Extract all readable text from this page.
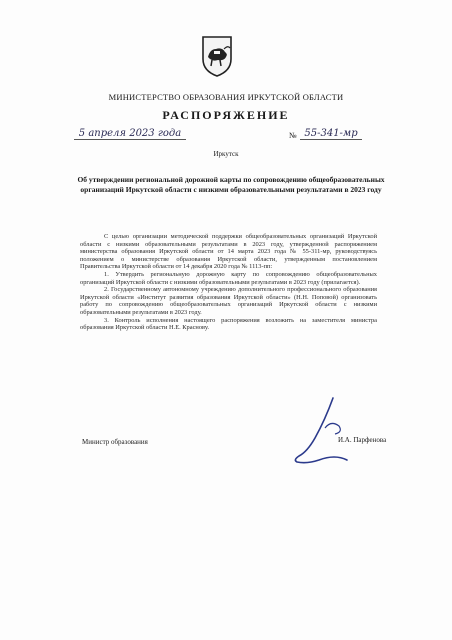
МИНИСТЕРСТВО ОБРАЗОВАНИЯ ИРКУТСКОЙ ОБЛАСТИ
РАСПОРЯЖЕНИЕ
5 апреля 2023 года	№ 55-341-мр
Иркутск
Об утверждении региональной дорожной карты по сопровождению общеобразовательных организаций Иркутской области с низкими образовательными результатами в 2023 году

С целью организации методической поддержки общеобразовательных организаций Иркутской области с низкими образовательными результатами в 2023 году, утвержденной распоряжением министерства образования Иркутской области от 14 марта 2023 года № 55-311-мр, руководствуясь положением о министерстве образования Иркутской области, утвержденным постановлением Правительства Иркутской области от 14 декабря 2020 года № 1113-пп:

1. Утвердить региональную дорожную карту по сопровождению общеобразовательных организаций Иркутской области с низкими образовательными результатами в 2023 году (прилагается).

2. Государственному автономному учреждению дополнительного профессионального образования Иркутской области «Институт развития образования Иркутской области» (Н.Н. Поповой) организовать работу по сопровождению общеобразовательных организаций Иркутской области с низкими образовательными результатами в 2023 году.

3. Контроль исполнения настоящего распоряжения возложить на заместителя министра образования Иркутской области Н.Е. Краснову.

Министр образования	И.А. Парфенова
